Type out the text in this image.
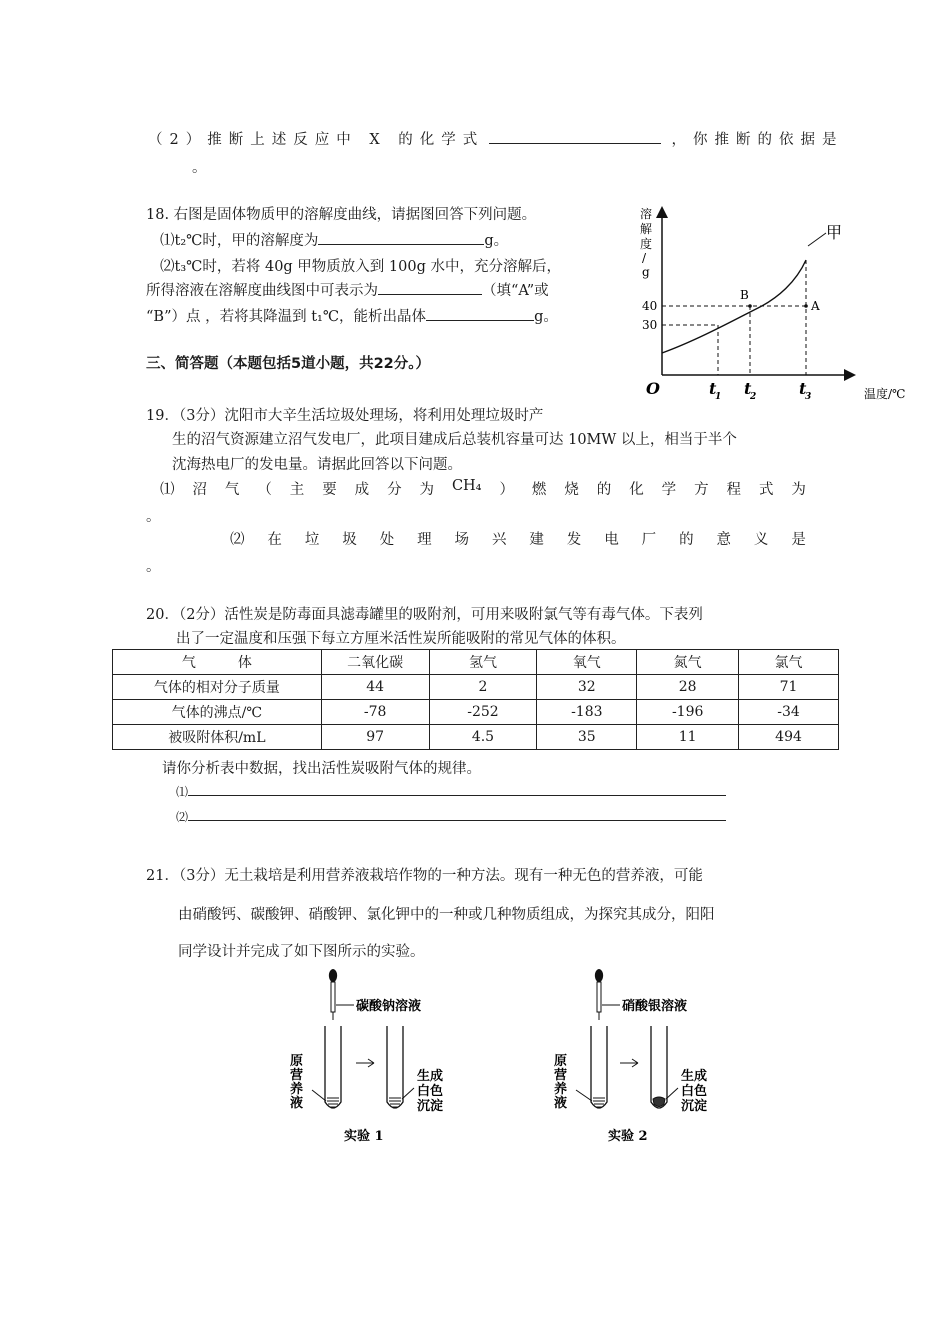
（2）推断上述反应中 X 的化学式	，你推断的依据是
。
18. 右图是固体物质甲的溶解度曲线，请据图回答下列问题。
⑴t₂℃时，甲的溶解度为	g。
⑵t₃℃时，若将 40g 甲物质放入到 100g 水中，充分溶解后，
所得溶液在溶解度曲线图中可表示为	（填“A”或
“B”）点 ，若将其降温到 t₁℃，能析出晶体	g。
溶
解
度
/
g
温度/℃
O
甲
40
30
B
A
t
1 t
2	t
3
三、简答题（本题包括5道小题，共22分。）
19．（3分）沈阳市大辛生活垃圾处理场，将利用处理垃圾时产
生的沼气资源建立沼气发电厂，此项目建成后总装机容量可达 10MW 以上，相当于半个
沈海热电厂的发电量。请据此回答以下问题。
⑴ 沼 气 （ 主 要 成 分 为 CH₄ ） 燃 烧 的 化 学 方 程 式 为
。
⑵ 在 垃 圾 处 理 场 兴 建 发 电 厂 的 意 义 是
。
20．（2分）活性炭是防毒面具滤毒罐里的吸附剂，可用来吸附氯气等有毒气体。下表列
出了一定温度和压强下每立方厘米活性炭所能吸附的常见气体的体积。
气　　　体	二氧化碳	氢气	氧气	氮气	氯气
气体的相对分子质量	44	2	32	28	71
气体的沸点/℃	-78	-252	-183	-196	-34
被吸附体积/mL	97	4.5	35	11	494
请你分析表中数据，找出活性炭吸附气体的规律。
⑴
⑵
21．（3分）无土栽培是利用营养液栽培作物的一种方法。现有一种无色的营养液，可能
由硝酸钙、碳酸钾、硝酸钾、氯化钾中的一种或几种物质组成，为探究其成分，阳阳
同学设计并完成了如下图所示的实验。
碳酸钠溶液
原
营
养
液
生成
白色
沉淀
实验 1
硝酸银溶液
原
营
养
液
生成
白色
沉淀
实验 2
